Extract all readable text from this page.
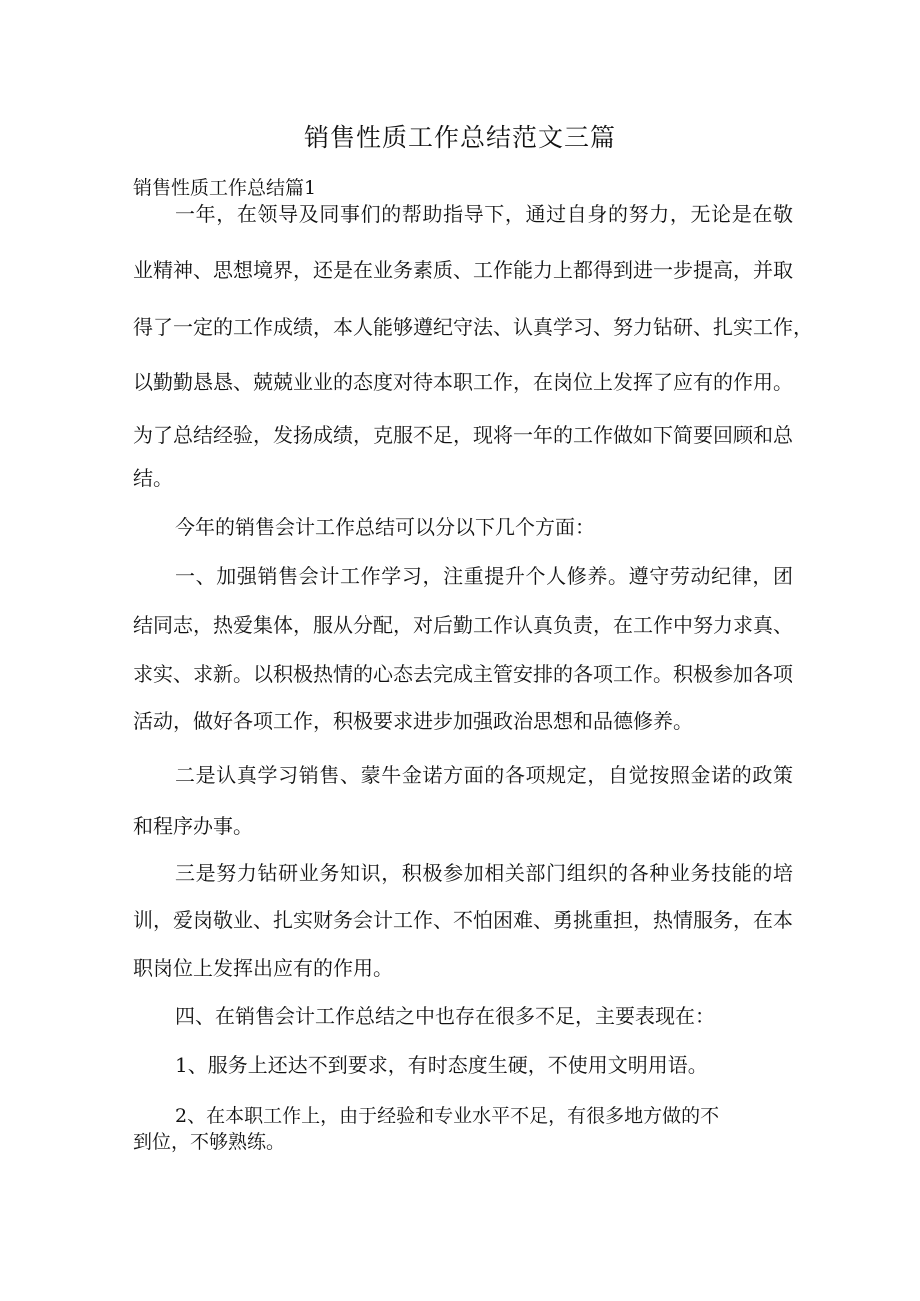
销售性质工作总结范文三篇
销售性质工作总结篇1
一年，在领导及同事们的帮助指导下，通过自身的努力，无论是在敬
业精神、思想境界，还是在业务素质、工作能力上都得到进一步提高，并取
得了一定的工作成绩，本人能够遵纪守法、认真学习、努力钻研、扎实工作，
以勤勤恳恳、兢兢业业的态度对待本职工作，在岗位上发挥了应有的作用。
为了总结经验，发扬成绩，克服不足，现将一年的工作做如下简要回顾和总
结。
今年的销售会计工作总结可以分以下几个方面：
一、加强销售会计工作学习，注重提升个人修养。遵守劳动纪律，团
结同志，热爱集体，服从分配，对后勤工作认真负责，在工作中努力求真、
求实、求新。以积极热情的心态去完成主管安排的各项工作。积极参加各项
活动，做好各项工作，积极要求进步加强政治思想和品德修养。
二是认真学习销售、蒙牛金诺方面的各项规定，自觉按照金诺的政策
和程序办事。
三是努力钻研业务知识，积极参加相关部门组织的各种业务技能的培
训，爱岗敬业、扎实财务会计工作、不怕困难、勇挑重担，热情服务，在本
职岗位上发挥出应有的作用。
四、在销售会计工作总结之中也存在很多不足，主要表现在：
1、服务上还达不到要求，有时态度生硬，不使用文明用语。
2、在本职工作上，由于经验和专业水平不足，有很多地方做的不
到位，不够熟练。
